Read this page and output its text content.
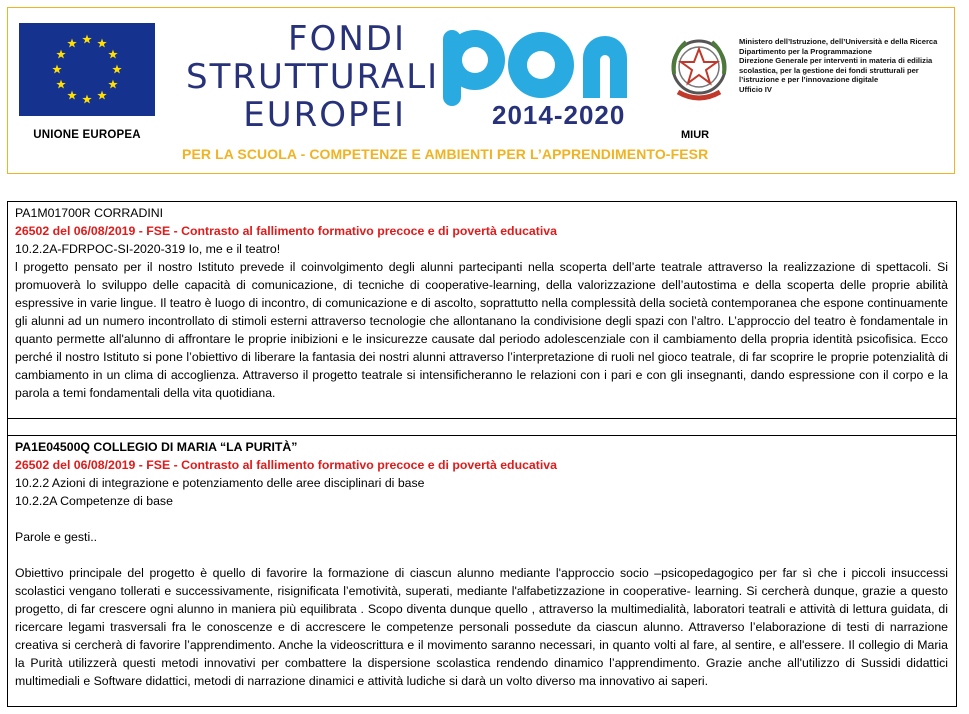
UNIONE EUROPEA
FONDI
STRUTTURALI
EUROPEI	2014-2020
MIUR
Ministero dell’Istruzione, dell’Università e della Ricerca
Dipartimento per la Programmazione
Direzione Generale per interventi in materia di edilizia
scolastica, per la gestione dei fondi strutturali per
l’istruzione e per l’innovazione digitale
Ufficio IV
PER LA SCUOLA - COMPETENZE E AMBIENTI PER L’APPRENDIMENTO-FESR
PA1M01700R CORRADINI
26502 del 06/08/2019 - FSE - Contrasto al fallimento formativo precoce e di povertà educativa
10.2.2A-FDRPOC-SI-2020-319 Io, me e il teatro!
l progetto pensato per il nostro Istituto prevede il coinvolgimento degli alunni partecipanti nella scoperta dell’arte teatrale attraverso la realizzazione di spettacoli. Si promuoverà lo sviluppo delle capacità di comunicazione, di tecniche di cooperative-learning, della valorizzazione dell’autostima e della scoperta delle proprie abilità espressive in varie lingue. Il teatro è luogo di incontro, di comunicazione e di ascolto, soprattutto nella complessità della società contemporanea che espone continuamente gli alunni ad un numero incontrollato di stimoli esterni attraverso tecnologie che allontanano la condivisione degli spazi con l’altro. L’approccio del teatro è fondamentale in quanto permette all'alunno di affrontare le proprie inibizioni e le insicurezze causate dal periodo adolescenziale con il cambiamento della propria identità psicofisica. Ecco perché il nostro Istituto si pone l’obiettivo di liberare la fantasia dei nostri alunni attraverso l’interpretazione di ruoli nel gioco teatrale, di far scoprire le proprie potenzialità di cambiamento in un clima di accoglienza. Attraverso il progetto teatrale si intensificheranno le relazioni con i pari e con gli insegnanti, dando espressione con il corpo e la parola a temi fondamentali della vita quotidiana.
PA1E04500Q COLLEGIO DI MARIA “LA PURITÀ”
26502 del 06/08/2019 - FSE - Contrasto al fallimento formativo precoce e di povertà educativa
10.2.2 Azioni di integrazione e potenziamento delle aree disciplinari di base
10.2.2A Competenze di base
Parole e gesti..
Obiettivo principale del progetto è quello di favorire la formazione di ciascun alunno mediante l'approccio socio –psicopedagogico per far sì che i piccoli insuccessi scolastici vengano tollerati e successivamente, risignificata l’emotività, superati, mediante l'alfabetizzazione in cooperative- learning. Si cercherà dunque, grazie a questo progetto, di far crescere ogni alunno in maniera più equilibrata . Scopo diventa dunque quello , attraverso la multimedialità, laboratori teatrali e attività di lettura guidata, di ricercare legami trasversali fra le conoscenze e di accrescere le competenze personali possedute da ciascun alunno. Attraverso l’elaborazione di testi di narrazione creativa si cercherà di favorire l’apprendimento. Anche la videoscrittura e il movimento saranno necessari, in quanto volti al fare, al sentire, e all'essere. Il collegio di Maria la Purità utilizzerà questi metodi innovativi per combattere la dispersione scolastica rendendo dinamico l’apprendimento. Grazie anche all'utilizzo di Sussidi didattici multimediali e Software didattici, metodi di narrazione dinamici e attività ludiche si darà un volto diverso ma innovativo ai saperi.
